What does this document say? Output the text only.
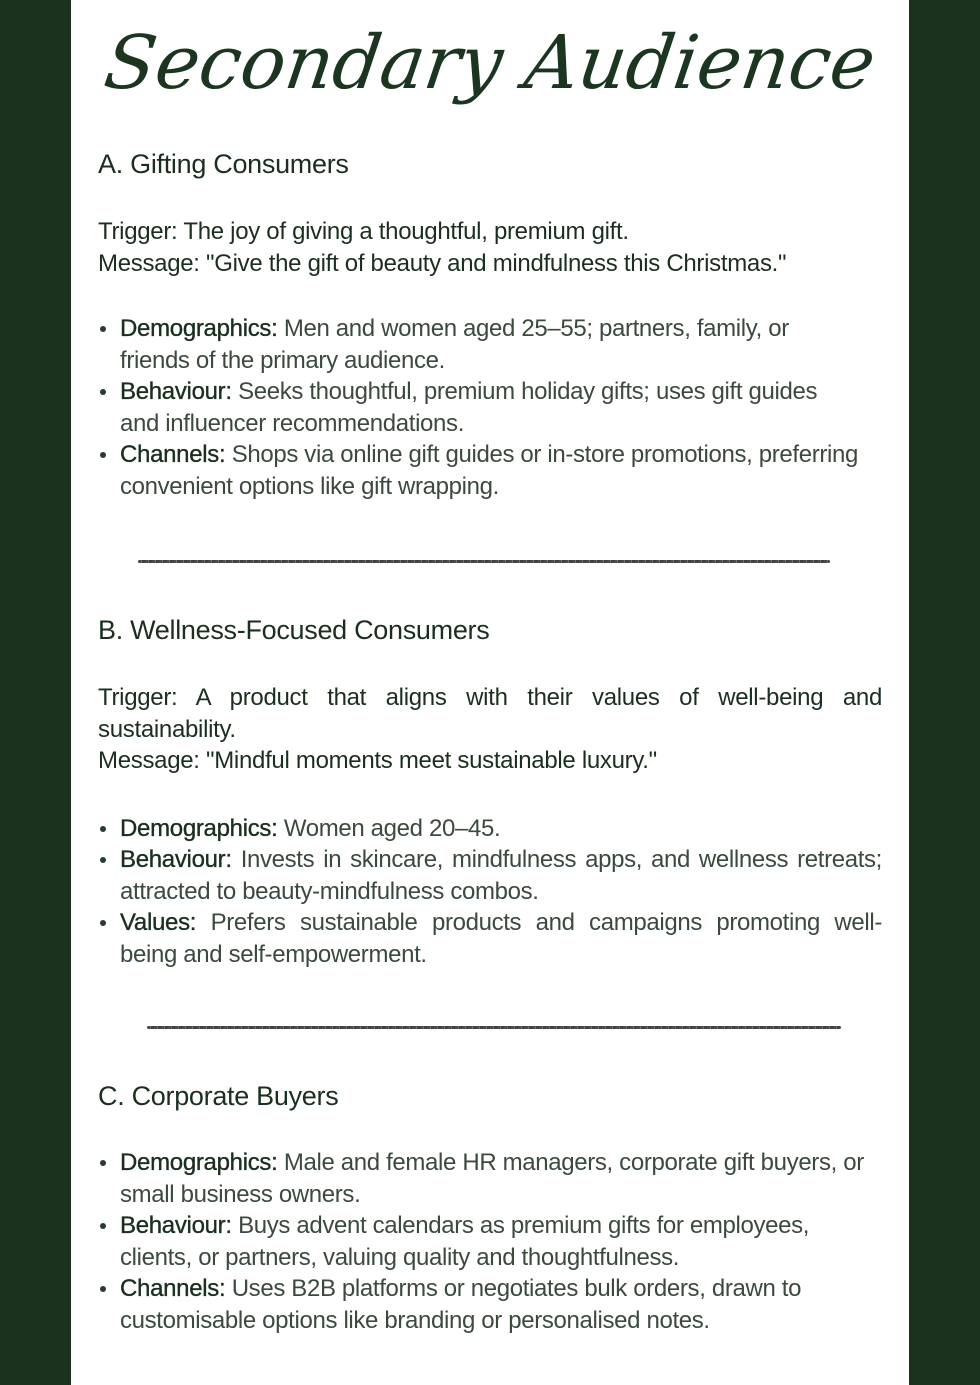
Secondary Audience
A. Gifting Consumers

Trigger: The joy of giving a thoughtful, premium gift.

Message: "Give the gift of beauty and mindfulness this Christmas."

Demographics: Men and women aged 25–55; partners, family, or friends of the primary audience.
Behaviour: Seeks thoughtful, premium holiday gifts; uses gift guides and influencer recommendations.
Channels: Shops via online gift guides or in-store promotions, preferring convenient options like gift wrapping.
B. Wellness-Focused Consumers

Trigger: A product that aligns with their values of well-being and sustainability.

Message: "Mindful moments meet sustainable luxury."

Demographics: Women aged 20–45.
Behaviour: Invests in skincare, mindfulness apps, and wellness retreats; attracted to beauty-mindfulness combos.
Values: Prefers sustainable products and campaigns promoting well-being and self-empowerment.
C. Corporate Buyers
Demographics: Male and female HR managers, corporate gift buyers, or small business owners.
Behaviour: Buys advent calendars as premium gifts for employees, clients, or partners, valuing quality and thoughtfulness.
Channels: Uses B2B platforms or negotiates bulk orders, drawn to customisable options like branding or personalised notes.
